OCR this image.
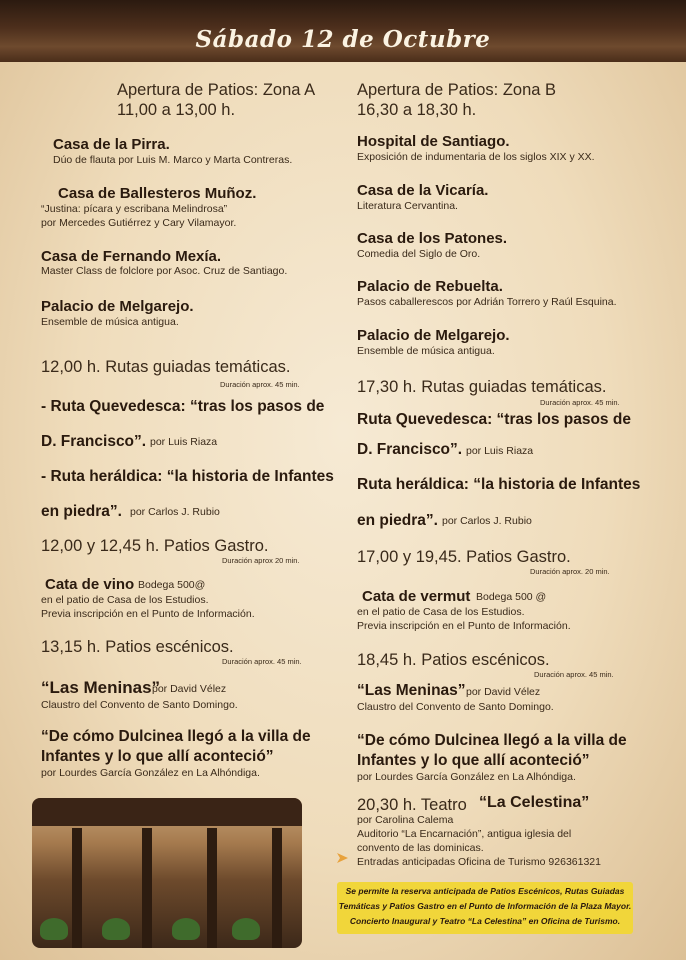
Sábado 12 de Octubre
Apertura de Patios: Zona A
11,00 a 13,00 h.
Casa de la Pirra.
Dúo de flauta por Luis M. Marco y Marta Contreras.
Casa de Ballesteros Muñoz.
“Justina: pícara y escribana Melindrosa”
por Mercedes Gutiérrez y Cary Vilamayor.
Casa de Fernando Mexía.
Master Class de folclore por Asoc. Cruz de Santiago.
Palacio de Melgarejo.
Ensemble de música antigua.
12,00 h. Rutas guiadas temáticas.
Duración aprox. 45 min.
- Ruta Quevedesca: “tras los pasos de
D. Francisco”. por Luis Riaza
- Ruta heráldica: “la historia de Infantes
en piedra”. por Carlos J. Rubio
12,00 y 12,45 h. Patios Gastro.
Duración aprox 20 min.
Cata de vino Bodega 500@
en el patio de Casa de los Estudios.
Previa inscripción en el Punto de Información.
13,15 h. Patios escénicos.
Duración aprox. 45 min.
“Las Meninas”
por David Vélez
Claustro del Convento de Santo Domingo.
“De cómo Dulcinea llegó a la villa de
Infantes y lo que allí aconteció”
por Lourdes García González en La Alhóndiga.
Apertura de Patios: Zona B
16,30 a 18,30 h.
Hospital de Santiago.
Exposición de indumentaria de los siglos XIX y XX.
Casa de la Vicaría.
Literatura Cervantina.
Casa de los Patones.
Comedia del Siglo de Oro.
Palacio de Rebuelta.
Pasos caballerescos por Adrián Torrero y Raúl Esquina.
Palacio de Melgarejo.
Ensemble de música antigua.
17,30 h. Rutas guiadas temáticas.
Duración aprox. 45 min.
Ruta Quevedesca: “tras los pasos de
D. Francisco”. por Luis Riaza
Ruta heráldica: “la historia de Infantes
en piedra”. por Carlos J. Rubio
17,00 y 19,45. Patios Gastro.
Duración aprox. 20 min.
Cata de vermut Bodega 500 @
en el patio de Casa de los Estudios.
Previa inscripción en el Punto de Información.
18,45 h. Patios escénicos.
Duración aprox. 45 min.
“Las Meninas” por David Vélez
Claustro del Convento de Santo Domingo.
“De cómo Dulcinea llegó a la villa de
Infantes y lo que allí aconteció”
por Lourdes García González en La Alhóndiga.
20,30 h. Teatro “La Celestina”
por Carolina Calema
Auditorio “La Encarnación”, antigua iglesia del
convento de las dominicas.
Entradas anticipadas Oficina de Turismo 926361321
Se permite la reserva anticipada de Patios Escénicos, Rutas Guiadas
Temáticas y Patios Gastro en el Punto de Información de la Plaza Mayor.
Concierto Inaugural y Teatro “La Celestina” en Oficina de Turismo.
